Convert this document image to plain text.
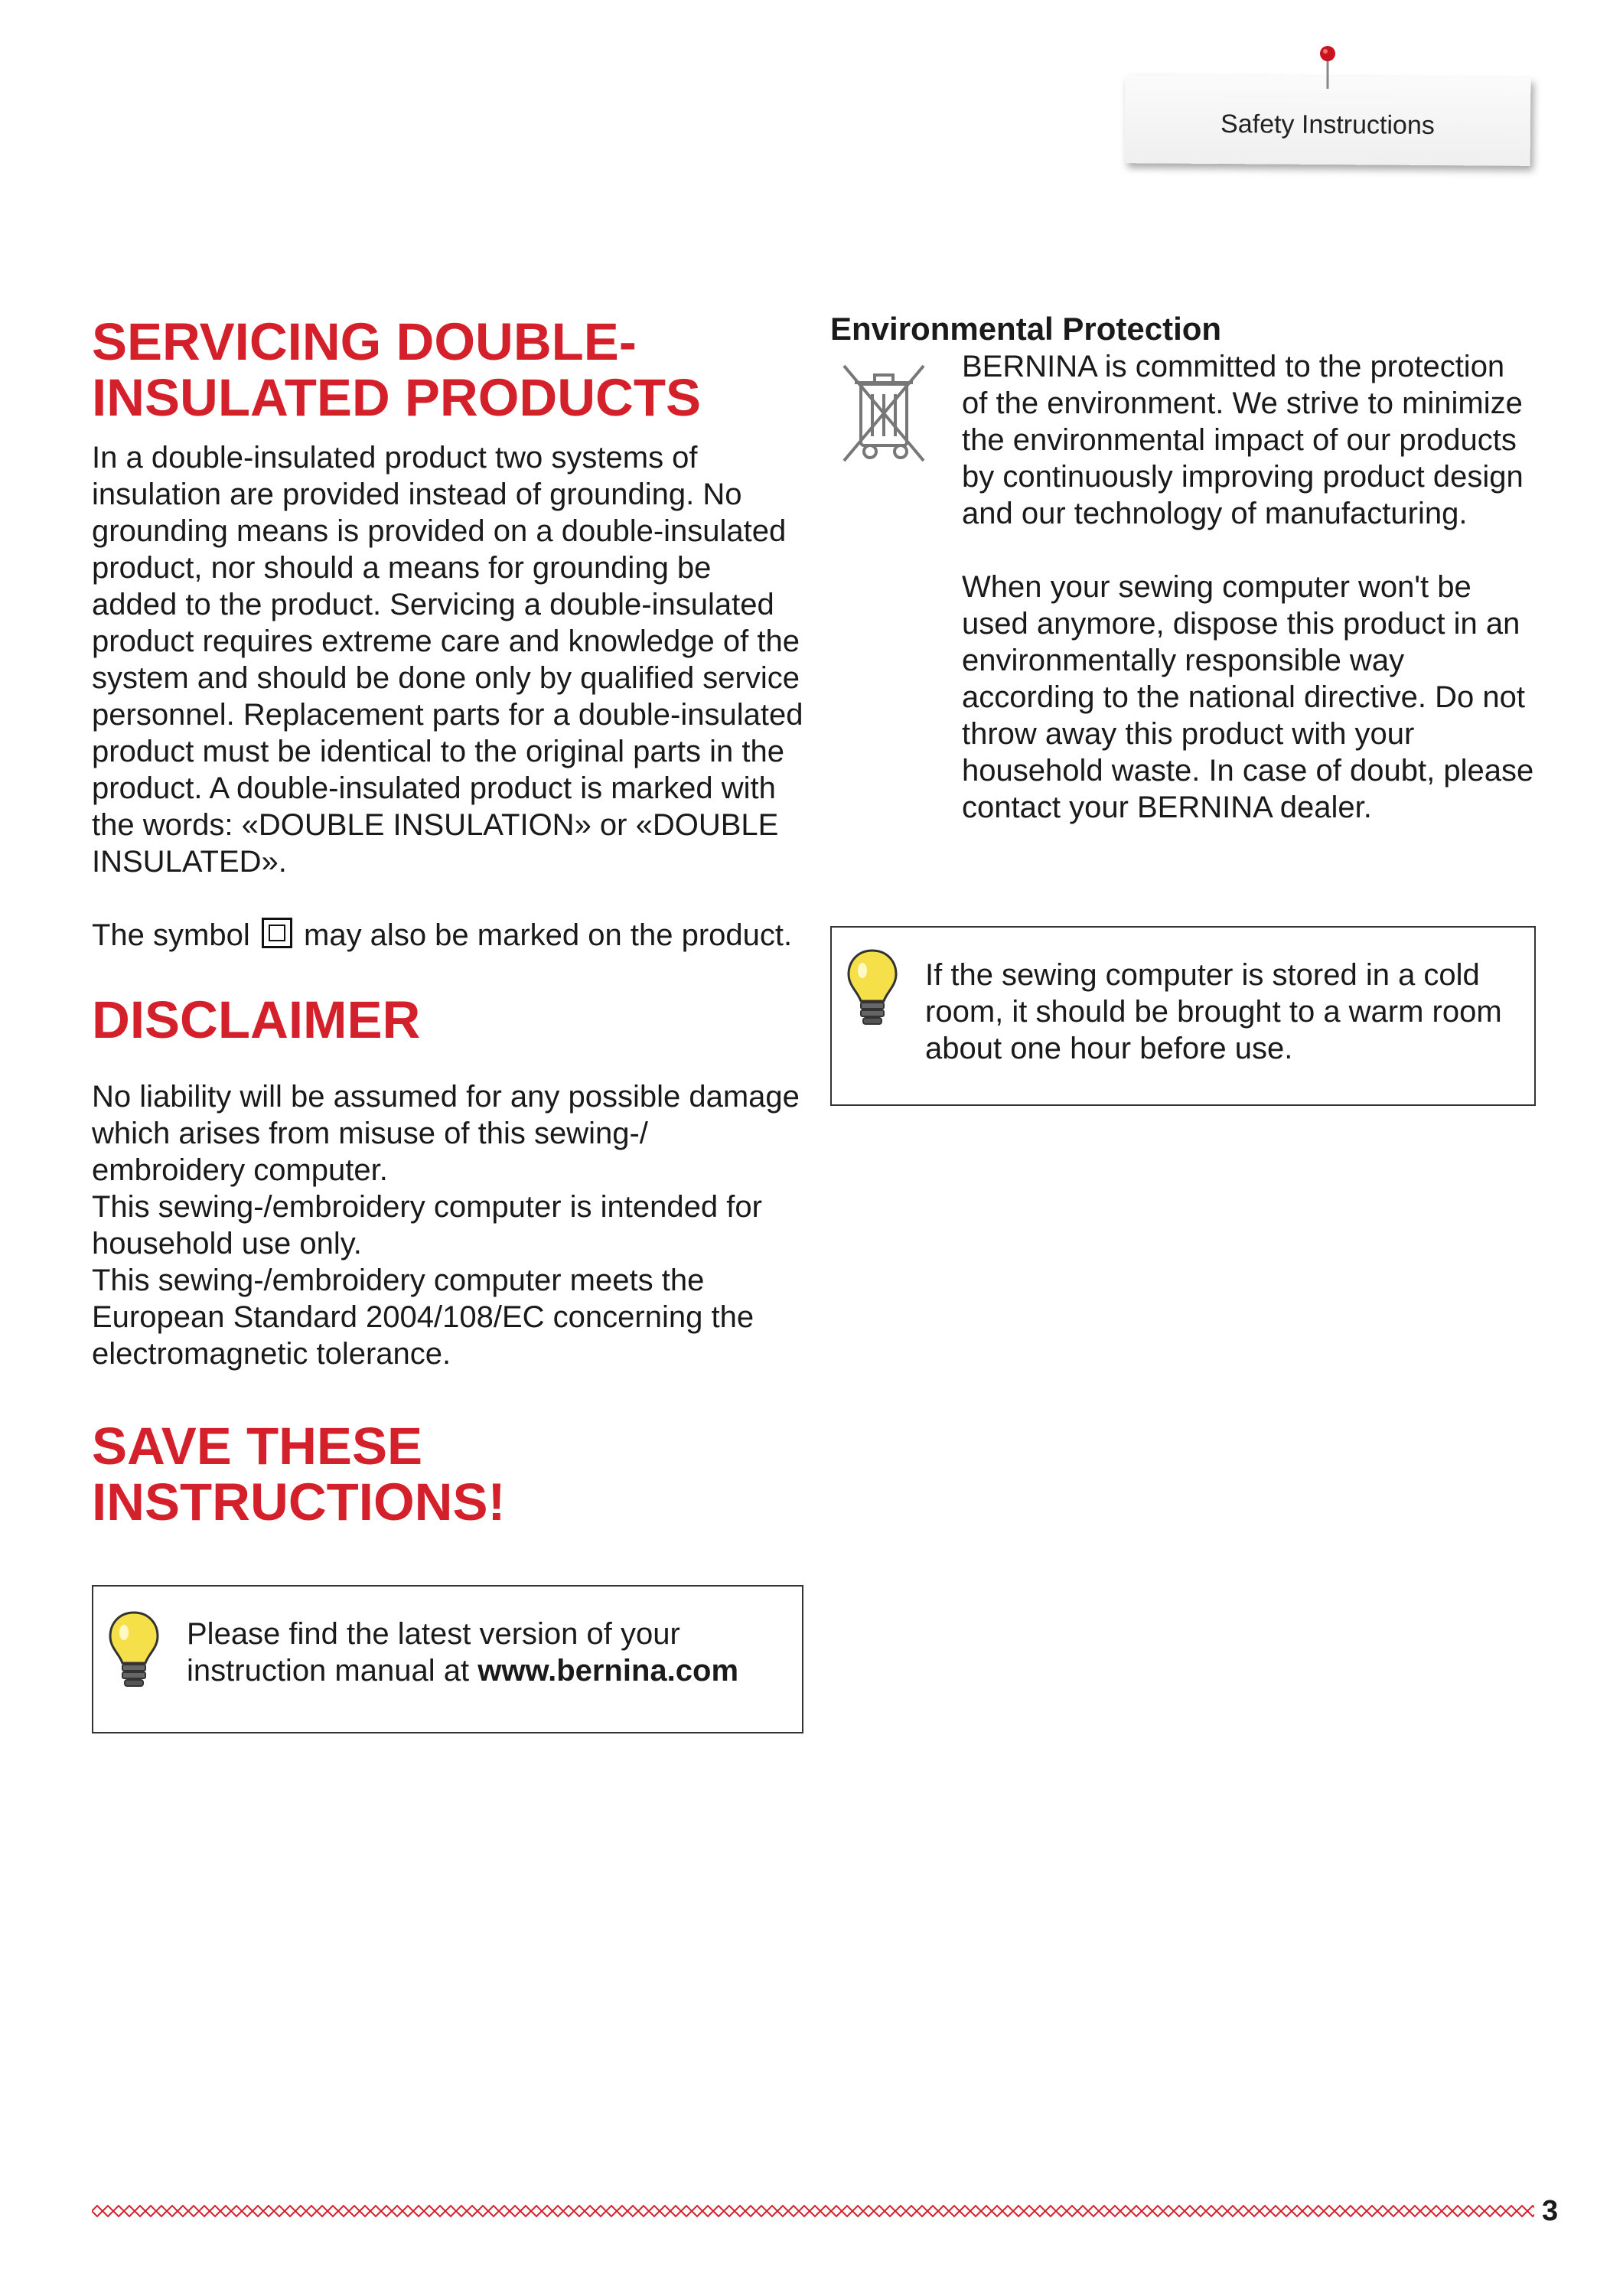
Safety Instructions
SERVICING DOUBLE-
INSULATED PRODUCTS

In a double-insulated product two systems of insulation are provided instead of grounding. No grounding means is provided on a double-insulated product, nor should a means for grounding be added to the product. Servicing a double-insulated product requires extreme care and knowledge of the system and should be done only by qualified service personnel. Replacement parts for a double-insulated product must be identical to the original parts in the product. A double-insulated product is marked with the words: «DOUBLE INSULATION» or «DOUBLE INSULATED».

The symbol may also be marked on the product.

DISCLAIMER

No liability will be assumed for any possible damage which arises from misuse of this sewing-/ embroidery computer.

This sewing-/embroidery computer is intended for household use only.

This sewing-/embroidery computer meets the European Standard 2004/108/EC concerning the electromagnetic tolerance.

SAVE THESE
INSTRUCTIONS!

Please find the latest version of your instruction manual at www.bernina.com

Environmental Protection

BERNINA is committed to the protection of the environment. We strive to minimize the environmental impact of our products by continuously improving product design and our technology of manufacturing.

When your sewing computer won't be used anymore, dispose this product in an environmentally responsible way according to the national directive. Do not throw away this product with your household waste. In case of doubt, please contact your BERNINA dealer.

If the sewing computer is stored in a cold room, it should be brought to a warm room about one hour before use.

3
